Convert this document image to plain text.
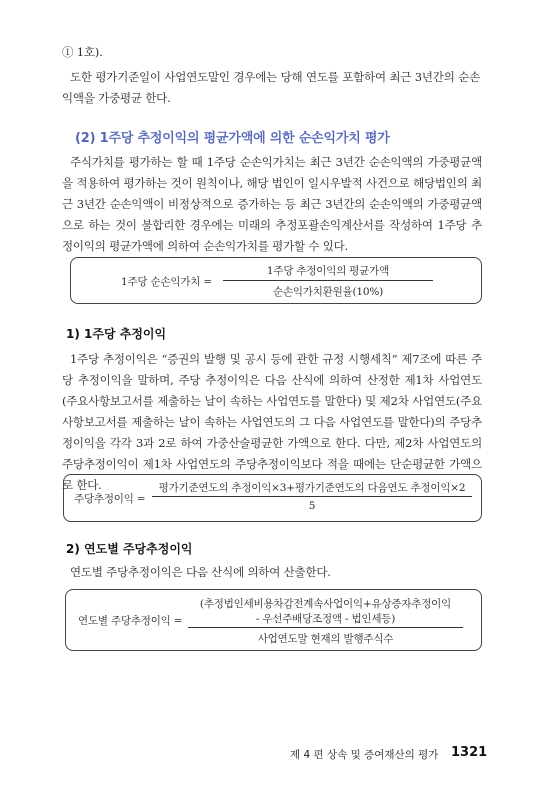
① 1호).

도한 평가기준일이 사업연도말인 경우에는 당해 연도를 포함하여 최근 3년간의 순손익액을 가중평균 한다.

(2) 1주당 추정이익의 평균가액에 의한 순손익가치 평가

주식가치를 평가하는 할 때 1주당 순손익가치는 최근 3년간 순손익액의 가중평균액을 적용하여 평가하는 것이 원칙이나, 해당 법인이 일시우발적 사건으로 해당법인의 최근 3년간 순손익액이 비정상적으로 증가하는 등 최근 3년간의 순손익액의 가중평균액으로 하는 것이 불합리한 경우에는 미래의 추정포괄손익계산서를 작성하여 1주당 추정이익의 평균가액에 의하여 순손익가치를 평가할 수 있다.

1주당 순손익가치 =
1주당 추정이익의 평균가액
순손익가치환원율(10%)
1) 1주당 추정이익

1주당 추정이익은 “증권의 발행 및 공시 등에 관한 규정 시행세칙” 제7조에 따른 주당 추정이익을 말하며, 주당 추정이익은 다음 산식에 의하여 산정한 제1차 사업연도(주요사항보고서를 제출하는 날이 속하는 사업연도를 말한다) 및 제2차 사업연도(주요사항보고서를 제출하는 날이 속하는 사업연도의 그 다음 사업연도를 말한다)의 주당추정이익을 각각 3과 2로 하여 가중산술평균한 가액으로 한다. 다만, 제2차 사업연도의 주당추정이익이 제1차 사업연도의 주당추정이익보다 적을 때에는 단순평균한 가액으로 한다.

주당추정이익 =
평가기준연도의 추정이익×3+평가기준연도의 다음연도 추정이익×2
5
2) 연도별 주당추정이익

연도별 주당추정이익은 다음 산식에 의하여 산출한다.

연도별 주당추정이익 =
(추정법인세비용차감전계속사업이익+유상증자추정이익
- 우선주배당조정액 - 법인세등)
사업연도말 현재의 발행주식수
제 4 편 상속 및 증여재산의 평가 1321
